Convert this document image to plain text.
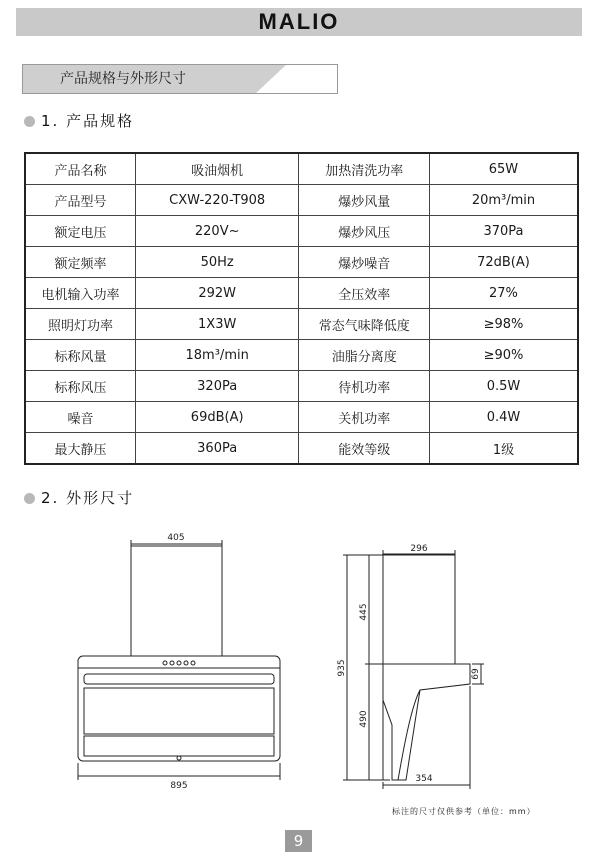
MALIO
产品规格与外形尺寸
1. 产品规格
产品名称	吸油烟机	加热清洗功率	65W
产品型号	CXW-220-T908	爆炒风量	20m³/min
额定电压	220V~	爆炒风压	370Pa
额定频率	50Hz	爆炒噪音	72dB(A)
电机输入功率	292W	全压效率	27%
照明灯功率	1X3W	常态气味降低度	≥98%
标称风量	18m³/min	油脂分离度	≥90%
标称风压	320Pa	待机功率	0.5W
噪音	69dB(A)	关机功率	0.4W
最大静压	360Pa	能效等级	1级
2. 外形尺寸
405
895
296
935
445
490
69
354
标注的尺寸仅供参考（单位：mm）
9
